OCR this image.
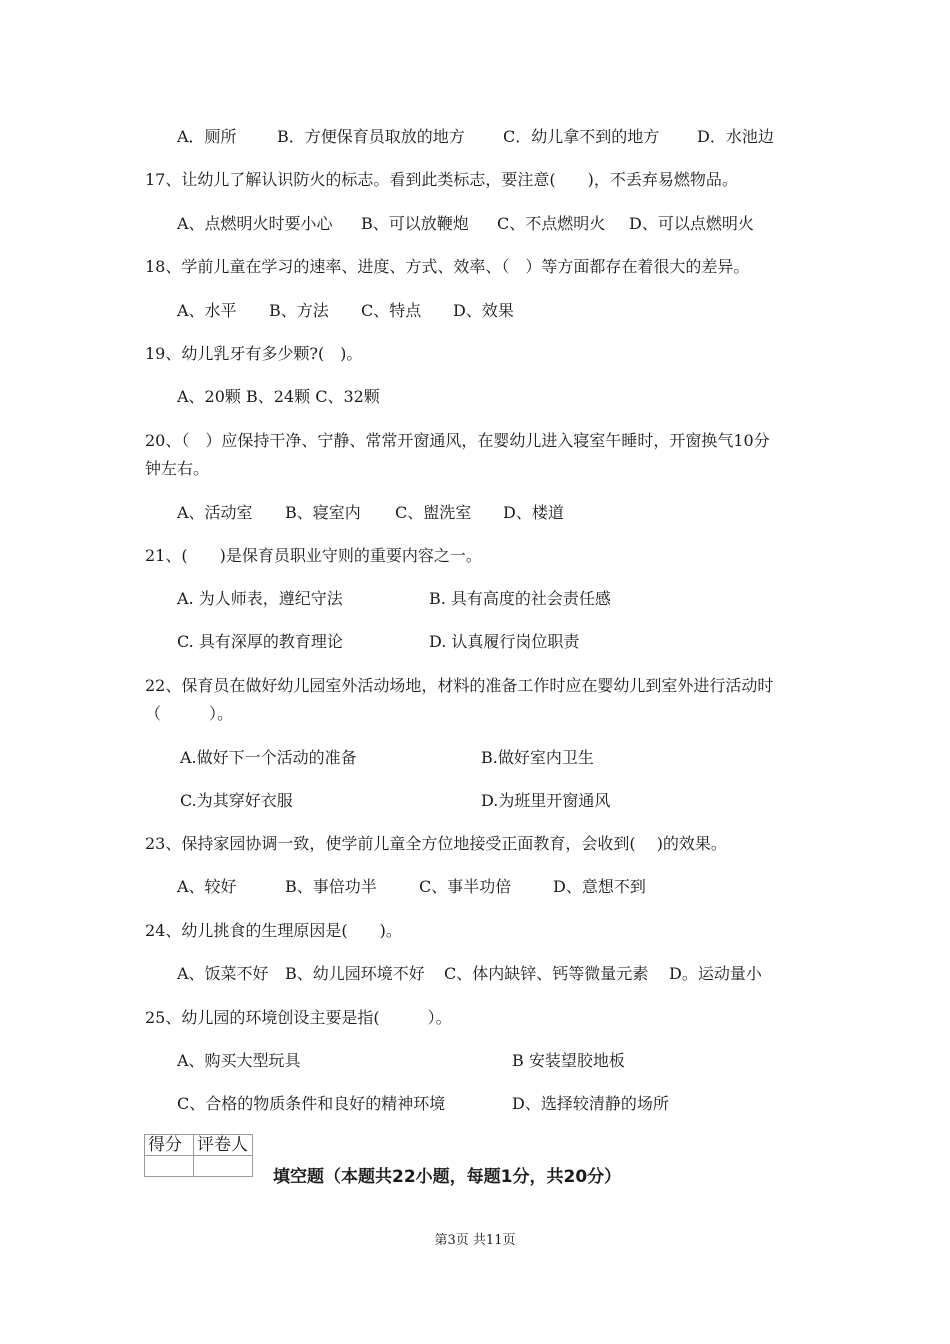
A．厕所	B．方便保育员取放的地方 C．幼儿拿不到的地方 D．水池边
17、让幼儿了解认识防火的标志。看到此类标志，要注意(　　)，不丢弃易燃物品。
A、点燃明火时要小心 B、可以放鞭炮 C、不点燃明火 D、可以点燃明火
18、学前儿童在学习的速率、进度、方式、效率、（　）等方面都存在着很大的差异。
A、水平 B、方法 C、特点 D、效果
19、幼儿乳牙有多少颗?(　)。
A、20颗 B、24颗 C、32颗
20、（　）应保持干净、宁静、常常开窗通风，在婴幼儿进入寝室午睡时，开窗换气10分
钟左右。
A、活动室 B、寝室内 C、盥洗室 D、楼道
21、(　　)是保育员职业守则的重要内容之一。
A. 为人师表，遵纪守法	B. 具有高度的社会责任感
C. 具有深厚的教育理论	D. 认真履行岗位职责
22、保育员在做好幼儿园室外活动场地，材料的准备工作时应在婴幼儿到室外进行活动时
（　　　）。
A.做好下一个活动的准备	B.做好室内卫生
C.为其穿好衣服	D.为班里开窗通风
23、保持家园协调一致，使学前儿童全方位地接受正面教育，会收到(　 )的效果。
A、较好	B、事倍功半	C、事半功倍	D、意想不到
24、幼儿挑食的生理原因是(　　)。
A、饭菜不好 B、幼儿园环境不好 C、体内缺锌、钙等微量元素 D。运动量小
25、幼儿园的环境创设主要是指(　　　）。
A、购买大型玩具	B 安装望胶地板
C、合格的物质条件和良好的精神环境	D、选择较清静的场所
得分	评卷人

填空题（本题共22小题，每题1分，共20分）
第3页 共11页
